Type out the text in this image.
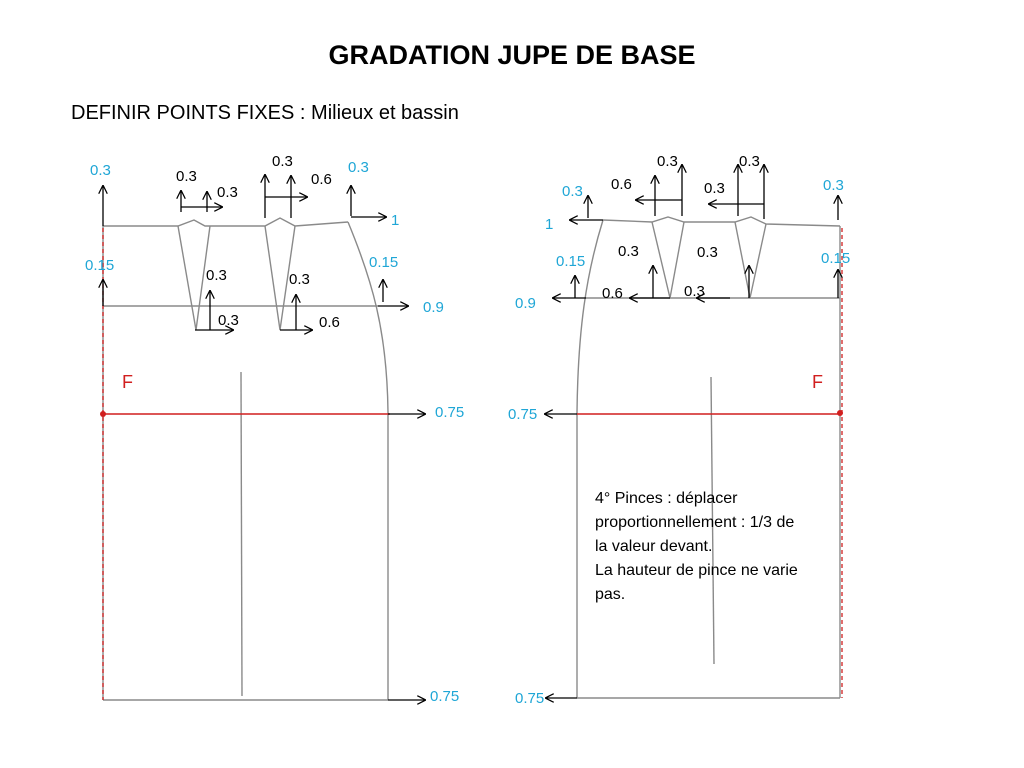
GRADATION JUPE DE BASE
DEFINIR POINTS FIXES : Milieux et bassin
0.3	0.3
0.3
0.3
0.6
0.3
1
0.15	0.15
0.3
0.3
0.3
0.6
0.9
0.75
0.75
F
0.3
1
0.6
0.3
0.3
0.3
0.3
0.15	0.15
0.3	0.3
0.6	0.3
0.9
0.75
0.75
F
4° Pinces : déplacer
proportionnellement : 1/3 de
la valeur devant.
La hauteur de pince ne varie
pas.
